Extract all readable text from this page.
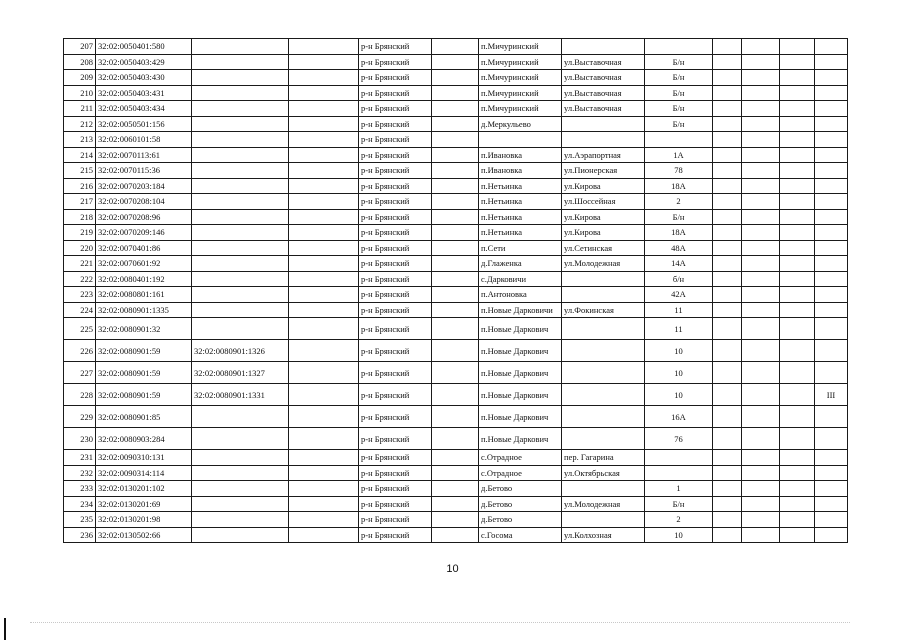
207	32:02:0050401:580			р-н Брянский		п.Мичуринский						
208	32:02:0050403:429			р-н Брянский		п.Мичуринский	ул.Выставочная	Б/н				
209	32:02:0050403:430			р-н Брянский		п.Мичуринский	ул.Выставочная	Б/н				
210	32:02:0050403:431			р-н Брянский		п.Мичуринский	ул.Выставочная	Б/н				
211	32:02:0050403:434			р-н Брянский		п.Мичуринский	ул.Выставочная	Б/н				
212	32:02:0050501:156			р-н Брянский		д.Меркульево		Б/н				
213	32:02:0060101:58			р-н Брянский								
214	32:02:0070113:61			р-н Брянский		п.Ивановка	ул.Аэрапортная	1А				
215	32:02:0070115:36			р-н Брянский		п.Ивановка	ул.Пионерская	78				
216	32:02:0070203:184			р-н Брянский		п.Нетьинка	ул.Кирова	18А				
217	32:02:0070208:104			р-н Брянский		п.Нетьинка	ул.Шоссейная	2				
218	32:02:0070208:96			р-н Брянский		п.Нетьинка	ул.Кирова	Б/н				
219	32:02:0070209:146			р-н Брянский		п.Нетьинка	ул.Кирова	18А				
220	32:02:0070401:86			р-н Брянский		п.Сети	ул.Сетинская	48А				
221	32:02:0070601:92			р-н Брянский		д.Глаженка	ул.Молодежная	14А				
222	32:02:0080401:192			р-н Брянский		с.Дарковичи		б/н				
223	32:02:0080801:161			р-н Брянский		п.Антоновка		42А				
224	32:02:0080901:1335			р-н Брянский		п.Новые Дарковичи	ул.Фокинская	11				
225	32:02:0080901:32			р-н Брянский		п.Новые Даркович		11				
226	32:02:0080901:59	32:02:0080901:1326		р-н Брянский		п.Новые Даркович		10				
227	32:02:0080901:59	32:02:0080901:1327		р-н Брянский		п.Новые Даркович		10				
228	32:02:0080901:59	32:02:0080901:1331		р-н Брянский		п.Новые Даркович		10				III
229	32:02:0080901:85			р-н Брянский		п.Новые Даркович		16А				
230	32:02:0080903:284			р-н Брянский		п.Новые Даркович		76				
231	32:02:0090310:131			р-н Брянский		с.Отрадное	пер. Гагарина					
232	32:02:0090314:114			р-н Брянский		с.Отрадное	ул.Октябрьская					
233	32:02:0130201:102			р-н Брянский		д.Бетово		1				
234	32:02:0130201:69			р-н Брянский		д.Бетово	ул.Молодежная	Б/н				
235	32:02:0130201:98			р-н Брянский		д.Бетово		2				
236	32:02:0130502:66			р-н Брянский		с.Госома	ул.Колхозная	10				
10
